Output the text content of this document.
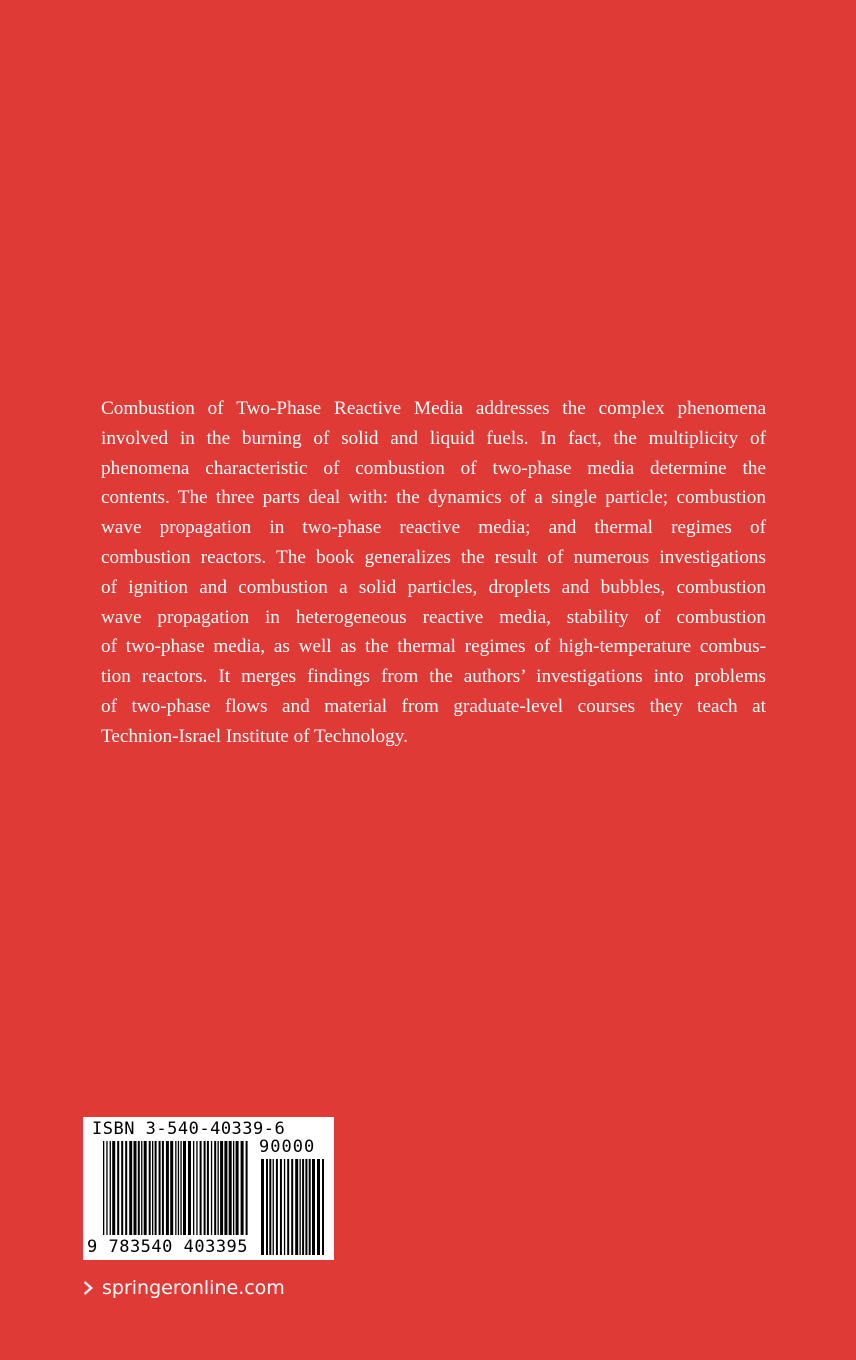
Combustion of Two-Phase Reactive Media addresses the complex phenomena
involved in the burning of solid and liquid fuels. In fact, the multiplicity of
phenomena characteristic of combustion of two-phase media determine the
contents. The three parts deal with: the dynamics of a single particle; combustion
wave propagation in two-phase reactive media; and thermal regimes of
combustion reactors. The book generalizes the result of numerous investigations
of ignition and combustion a solid particles, droplets and bubbles, combustion
wave propagation in heterogeneous reactive media, stability of combustion
of two-phase media, as well as the thermal regimes of high-temperature combus-
tion reactors. It merges findings from the authors’ investigations into problems
of two-phase flows and material from graduate-level courses they teach at
Technion-Israel Institute of Technology.

ISBN 3-540-40339-6
90000
9 783540 403395
springeronline.com
